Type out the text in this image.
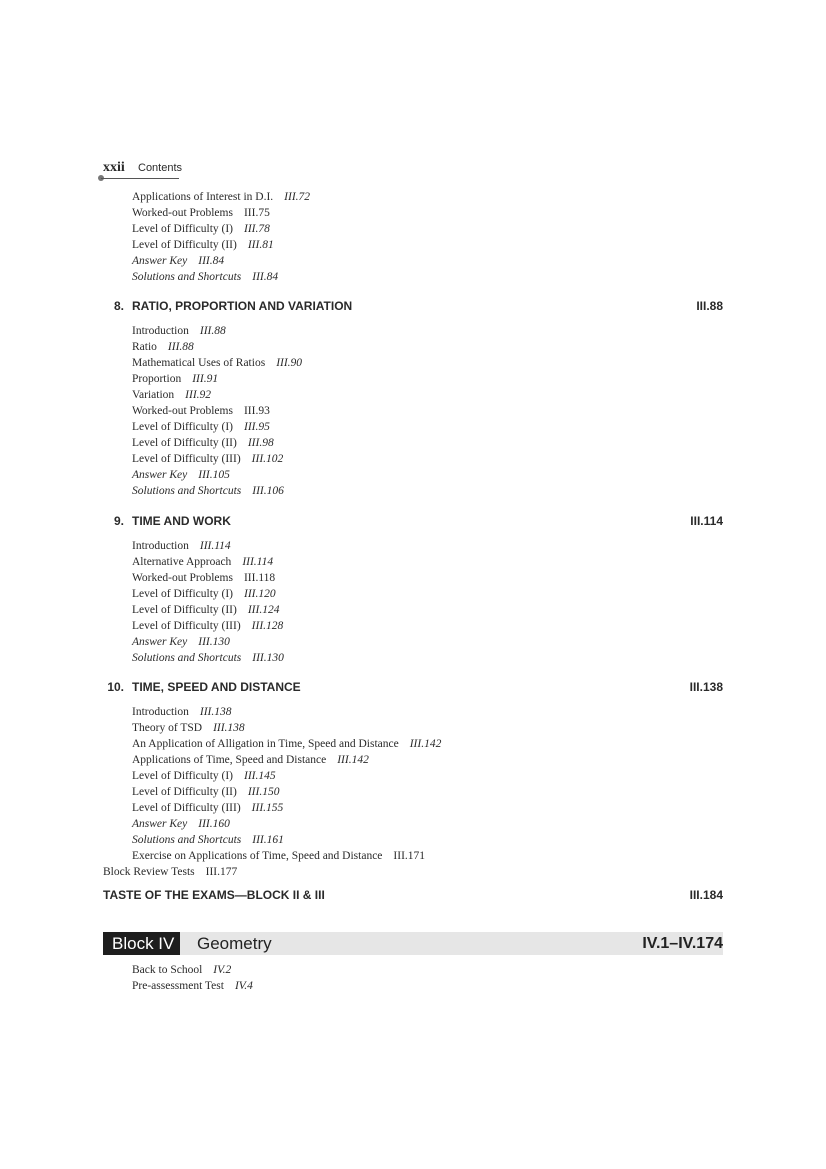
xxii Contents
Applications of Interest in D.I. III.72
Worked-out Problems III.75
Level of Difficulty (I) III.78
Level of Difficulty (II) III.81
Answer Key III.84
Solutions and Shortcuts III.84
8. RATIO, PROPORTION AND VARIATION	III.88
Introduction III.88
Ratio III.88
Mathematical Uses of Ratios III.90
Proportion III.91
Variation III.92
Worked-out Problems III.93
Level of Difficulty (I) III.95
Level of Difficulty (II) III.98
Level of Difficulty (III) III.102
Answer Key III.105
Solutions and Shortcuts III.106
9. TIME AND WORK	III.114
Introduction III.114
Alternative Approach III.114
Worked-out Problems III.118
Level of Difficulty (I) III.120
Level of Difficulty (II) III.124
Level of Difficulty (III) III.128
Answer Key III.130
Solutions and Shortcuts III.130
10. TIME, SPEED AND DISTANCE	III.138
Introduction III.138
Theory of TSD III.138
An Application of Alligation in Time, Speed and Distance III.142
Applications of Time, Speed and Distance III.142
Level of Difficulty (I) III.145
Level of Difficulty (II) III.150
Level of Difficulty (III) III.155
Answer Key III.160
Solutions and Shortcuts III.161
Exercise on Applications of Time, Speed and Distance III.171
Block Review Tests III.177
TASTE OF THE EXAMS—BLOCK II & III	III.184
Block IV	Geometry	IV.1–IV.174
Back to School IV.2
Pre-assessment Test IV.4
